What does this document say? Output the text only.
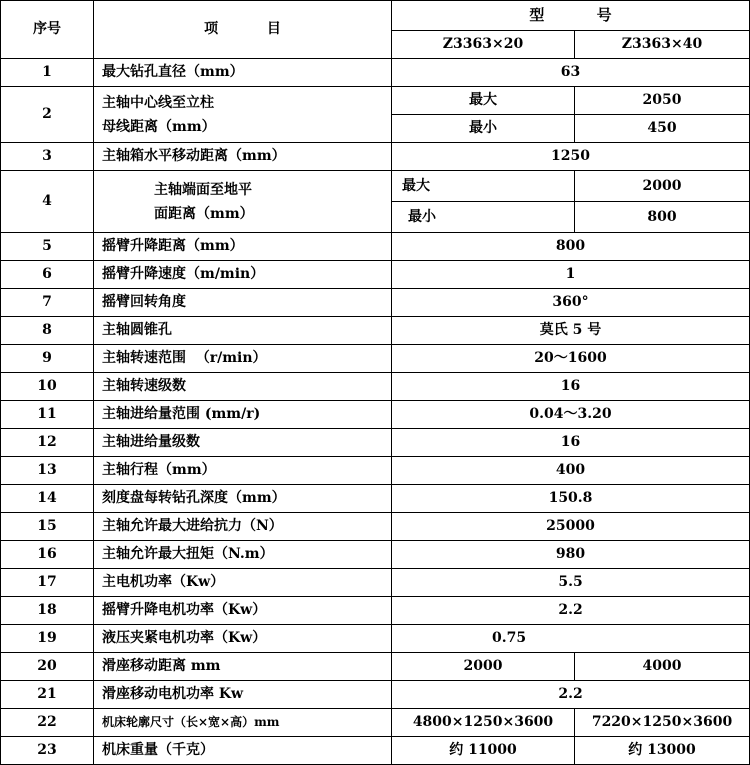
序号	项          目	型          号	
		Z3363×20	Z3363×40
1	最大钻孔直径（mm）	63	
2	主轴中心线至立柱
母线距离（mm）	最大	2050
		最小	450
3	主轴箱水平移动距离（mm）	1250	
4	主轴端面至地平
面距离（mm）	最大	2000
		最小	800
5	摇臂升降距离（mm）	800	
6	摇臂升降速度（m/min）	1	
7	摇臂回转角度	360°	
8	主轴圆锥孔	莫氏 5 号	
9	主轴转速范围  （r/min）	20～1600	
10	主轴转速级数	16	
11	主轴进给量范围 (mm/r)	0.04～3.20	
12	主轴进给量级数	16	
13	主轴行程（mm）	400	
14	刻度盘每转钻孔深度（mm）	150.8	
15	主轴允许最大进给抗力（N）	25000	
16	主轴允许最大扭矩（N.m）	980	
17	主电机功率（Kw）	5.5	
18	摇臂升降电机功率（Kw）	2.2	
19	液压夹紧电机功率（Kw）	0.75	
20	滑座移动距离 mm	2000	4000
21	滑座移动电机功率 Kw	2.2	
22	机床轮廓尺寸（长×宽×高）mm	4800×1250×3600	7220×1250×3600
23	机床重量（千克）	约 11000	约 13000
